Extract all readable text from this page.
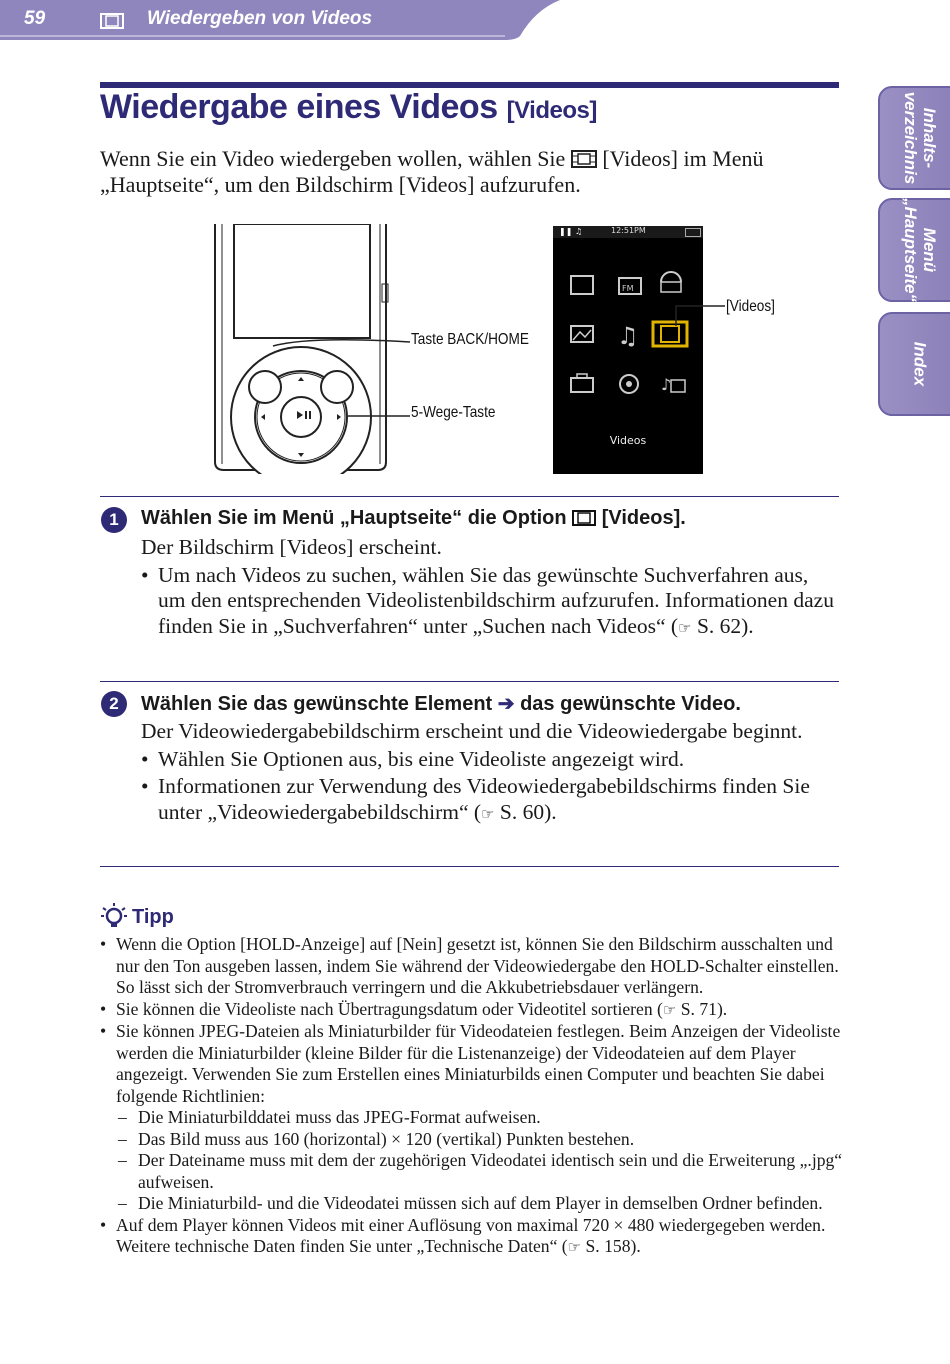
59	Wiedergeben von Videos
Inhalts-
verzeichnis
Menü
„Hauptseite“
Index
Wiedergabe eines Videos [Videos]
Wenn Sie ein Video wiedergeben wollen, wählen Sie [Videos] im Menü „Hauptseite“, um den Bildschirm [Videos] aufzurufen.
Taste BACK/HOME
5-Wege-Taste
❚❚ ♫	12:51PM
FM
♫
♪
Videos
[Videos]
1	Wählen Sie im Menü „Hauptseite“ die Option [Videos].
Der Bildschirm [Videos] erscheint.
• Um nach Videos zu suchen, wählen Sie das gewünschte Suchverfahren aus, um den entsprechenden Videolistenbildschirm aufzurufen. Informationen dazu finden Sie in „Suchverfahren“ unter „Suchen nach Videos“ (☞ S. 62).
2	Wählen Sie das gewünschte Element ➔ das gewünschte Video.
Der Videowiedergabebildschirm erscheint und die Videowiedergabe beginnt.
• Wählen Sie Optionen aus, bis eine Videoliste angezeigt wird.
• Informationen zur Verwendung des Videowiedergabebildschirms finden Sie unter „Videowiedergabebildschirm“ (☞ S. 60).
Tipp
• Wenn die Option [HOLD-Anzeige] auf [Nein] gesetzt ist, können Sie den Bildschirm ausschalten und nur den Ton ausgeben lassen, indem Sie während der Videowiedergabe den HOLD-Schalter einstellen. So lässt sich der Stromverbrauch verringern und die Akkubetriebsdauer verlängern.
• Sie können die Videoliste nach Übertragungsdatum oder Videotitel sortieren (☞ S. 71).
• Sie können JPEG-Dateien als Miniaturbilder für Videodateien festlegen. Beim Anzeigen der Videoliste werden die Miniaturbilder (kleine Bilder für die Listenanzeige) der Videodateien auf dem Player angezeigt. Verwenden Sie zum Erstellen eines Miniaturbilds einen Computer und beachten Sie dabei folgende Richtlinien:
– Die Miniaturbilddatei muss das JPEG-Format aufweisen.
– Das Bild muss aus 160 (horizontal) × 120 (vertikal) Punkten bestehen.
– Der Dateiname muss mit dem der zugehörigen Videodatei identisch sein und die Erweiterung „.jpg“ aufweisen.
– Die Miniaturbild- und die Videodatei müssen sich auf dem Player in demselben Ordner befinden.
• Auf dem Player können Videos mit einer Auflösung von maximal 720 × 480 wiedergegeben werden. Weitere technische Daten finden Sie unter „Technische Daten“ (☞ S. 158).
